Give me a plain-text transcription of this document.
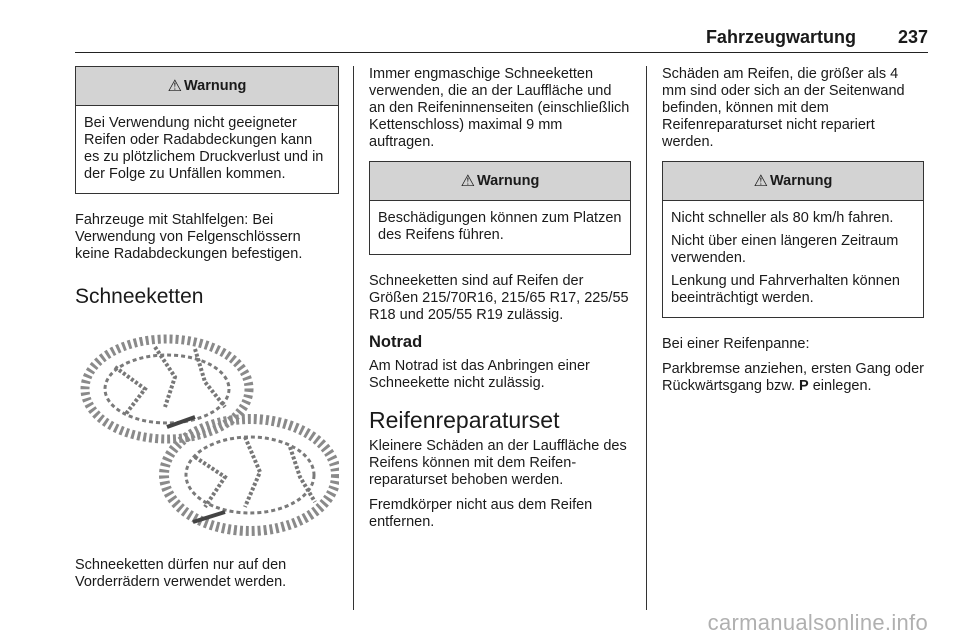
Fahrzeugwartung 237
⚠ Warnung

Bei Verwendung nicht geeigneter Reifen oder Radabdeckungen kann es zu plötzlichem Druckverlust und in der Folge zu Unfällen kommen.

Fahrzeuge mit Stahlfelgen: Bei Verwendung von Felgenschlössern keine Radabdeckungen befestigen.

Schneeketten

Schneeketten dürfen nur auf den Vorderrädern verwendet werden.

Immer engmaschige Schneeketten verwenden, die an der Lauffläche und an den Reifeninnenseiten (einschließlich Kettenschloss) maximal 9 mm auftragen.

⚠ Warnung

Beschädigungen können zum Platzen des Reifens führen.

Schneeketten sind auf Reifen der Größen 215/70R16, 215/65 R17, 225/55 R18 und 205/55 R19 zulässig.

Notrad

Am Notrad ist das Anbringen einer Schneekette nicht zulässig.

Reifenreparaturset

Kleinere Schäden an der Lauffläche des Reifens können mit dem Reifenreparaturset behoben werden.

Fremdkörper nicht aus dem Reifen entfernen.

Schäden am Reifen, die größer als 4 mm sind oder sich an der Seitenwand befinden, können mit dem Reifenreparaturset nicht repariert werden.

⚠ Warnung

Nicht schneller als 80 km/h fahren.

Nicht über einen längeren Zeitraum verwenden.

Lenkung und Fahrverhalten können beeinträchtigt werden.

Bei einer Reifenpanne:

Parkbremse anziehen, ersten Gang oder Rückwärtsgang bzw. P einlegen.

carmanualsonline.info
